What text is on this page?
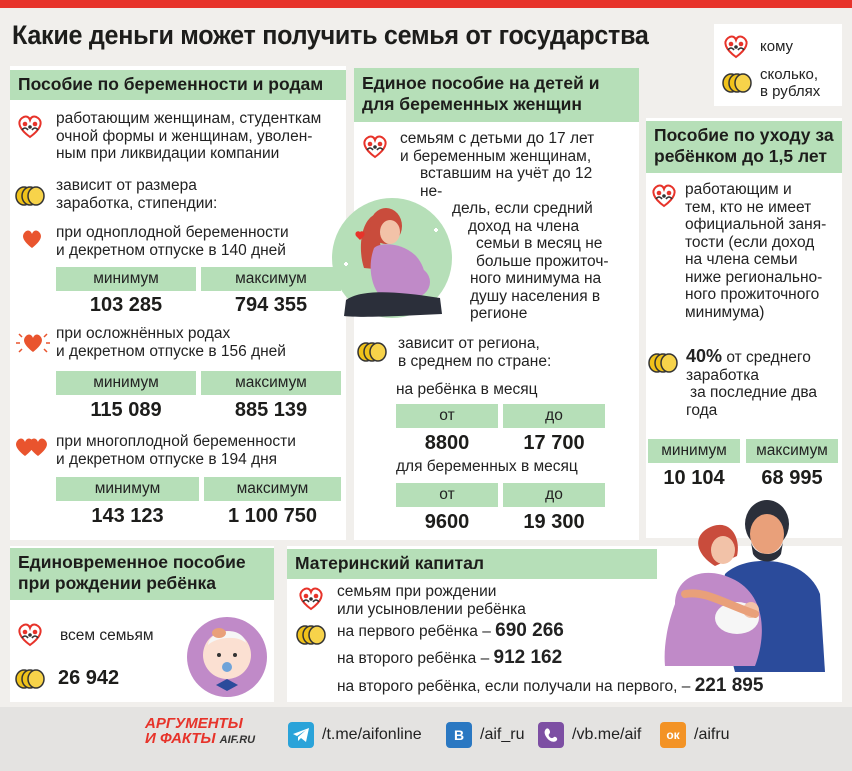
Какие деньги может получить семья от государства	кому
сколько,
в рублях
Пособие по беременности и родам
работающим женщинам, студенткам
очной формы и женщинам, уволен-
ным при ликвидации компании
зависит от размера
заработка, стипендии:
при одноплодной беременности
и декретном отпуске в 140 дней
минимум	максимум
103 285	794 355
при осложнённых родах
и декретном отпуске в 156 дней
минимум	максимум
115 089	885 139
при многоплодной беременности
и декретном отпуске в 194 дня
минимум	максимум
143 123	1 100 750
Единое пособие на детей и
для беременных женщин
семьям с детьми до 17 лет
и беременным женщинам,
вставшим на учёт до 12 не-
дель, если средний
доход на члена
семьи в месяц не
больше прожиточ-
ного минимума на
душу населения в
регионе
зависит от региона,
в среднем по стране:
на ребёнка в месяц
от	до
8800	17 700
для беременных в месяц
от	до
9600	19 300
Пособие по уходу за
ребёнком до 1,5 лет
работающим и
тем, кто не имеет
официальной заня-
тости (если доход
на члена семьи
ниже регионально-
ного прожиточного
минимума)
40% от среднего
заработка
за последние два
года
минимум	максимум
10 104	68 995
Единовременное пособие
при рождении ребёнка
всем семьям
26 942
Материнский капитал
семьям при рождении
или усыновлении ребёнка
на первого ребёнка – 690 266
на второго ребёнка – 912 162
на второго ребёнка, если получали на первого, – 221 895
АРГУМЕНТЫ
И ФАКТЫ AIF.RU	/t.me/aifonline	B /aif_ru	/vb.me/aif	ок /aifru
